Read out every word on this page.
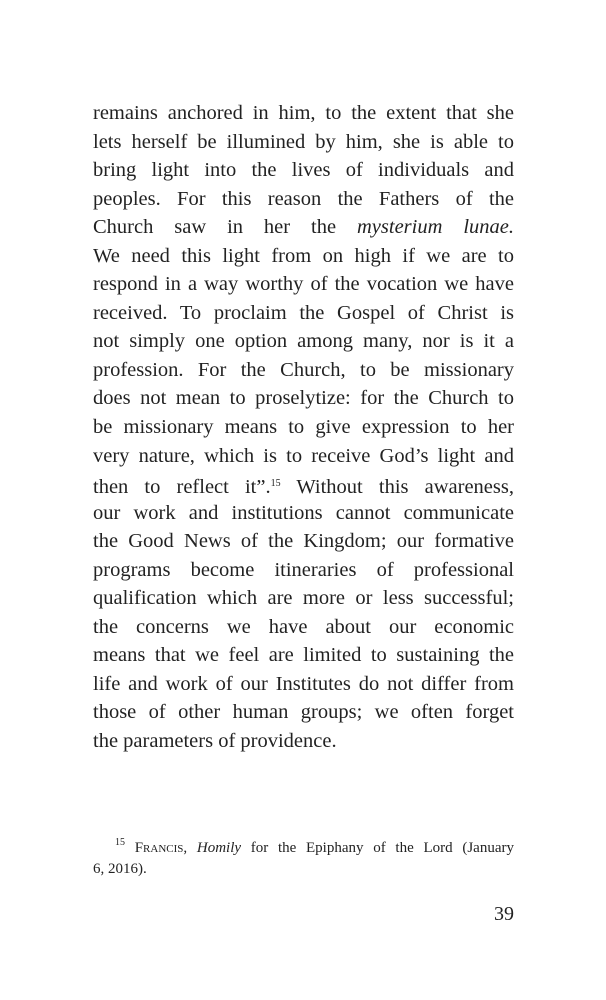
remains anchored in him, to the extent that she
lets herself be illumined by him, she is able to
bring light into the lives of individuals and
peoples. For this reason the Fathers of the
Church saw in her the mysterium lunae.
We need this light from on high if we are to
respond in a way worthy of the vocation we have
received. To proclaim the Gospel of Christ is
not simply one option among many, nor is it a
profession. For the Church, to be missionary
does not mean to proselytize: for the Church to
be missionary means to give expression to her
very nature, which is to receive God’s light and
then to reflect it”.$^{15}$ Without this awareness,
our work and institutions cannot communicate
the Good News of the Kingdom; our formative
programs become itineraries of professional
qualification which are more or less successful;
the concerns we have about our economic
means that we feel are limited to sustaining the
life and work of our Institutes do not differ from
those of other human groups; we often forget
the parameters of providence.
$^{15}$ Francis, Homily for the Epiphany of the Lord (January
6, 2016).
39
